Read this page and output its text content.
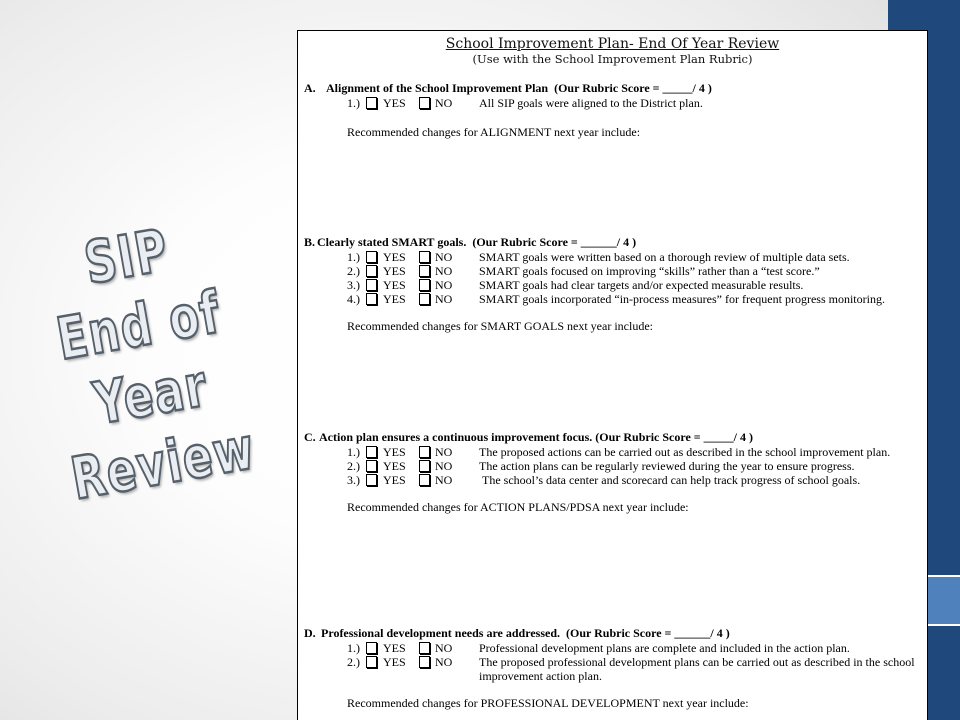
SIP
End of
Year
Review
School Improvement Plan- End Of Year Review
(Use with the School Improvement Plan Rubric)

A.

Alignment of the School Improvement Plan  (Our Rubric Score = _____/ 4 )

1.) YES NO All SIP goals were aligned to the District plan.
Recommended changes for ALIGNMENT next year include:

B.

Clearly stated SMART goals.  (Our Rubric Score = ______/ 4 )

1.) YES NO SMART goals were written based on a thorough review of multiple data sets.
2.) YES NO SMART goals focused on improving “skills” rather than a “test score.”
3.) YES NO SMART goals had clear targets and/or expected measurable results.
4.) YES NO SMART goals incorporated “in-process measures” for frequent progress monitoring.
Recommended changes for SMART GOALS next year include:

C.

Action plan ensures a continuous improvement focus. (Our Rubric Score = _____/ 4 )

1.) YES NO The proposed actions can be carried out as described in the school improvement plan.
2.) YES NO The action plans can be regularly reviewed during the year to ensure progress.
3.) YES NO The school’s data center and scorecard can help track progress of school goals.
Recommended changes for ACTION PLANS/PDSA next year include:

D.

Professional development needs are addressed.  (Our Rubric Score = ______/ 4 )

1.) YES NO Professional development plans are complete and included in the action plan.
2.) YES NO The proposed professional development plans can be carried out as described in the school improvement action plan.
Recommended changes for PROFESSIONAL DEVELOPMENT next year include:
